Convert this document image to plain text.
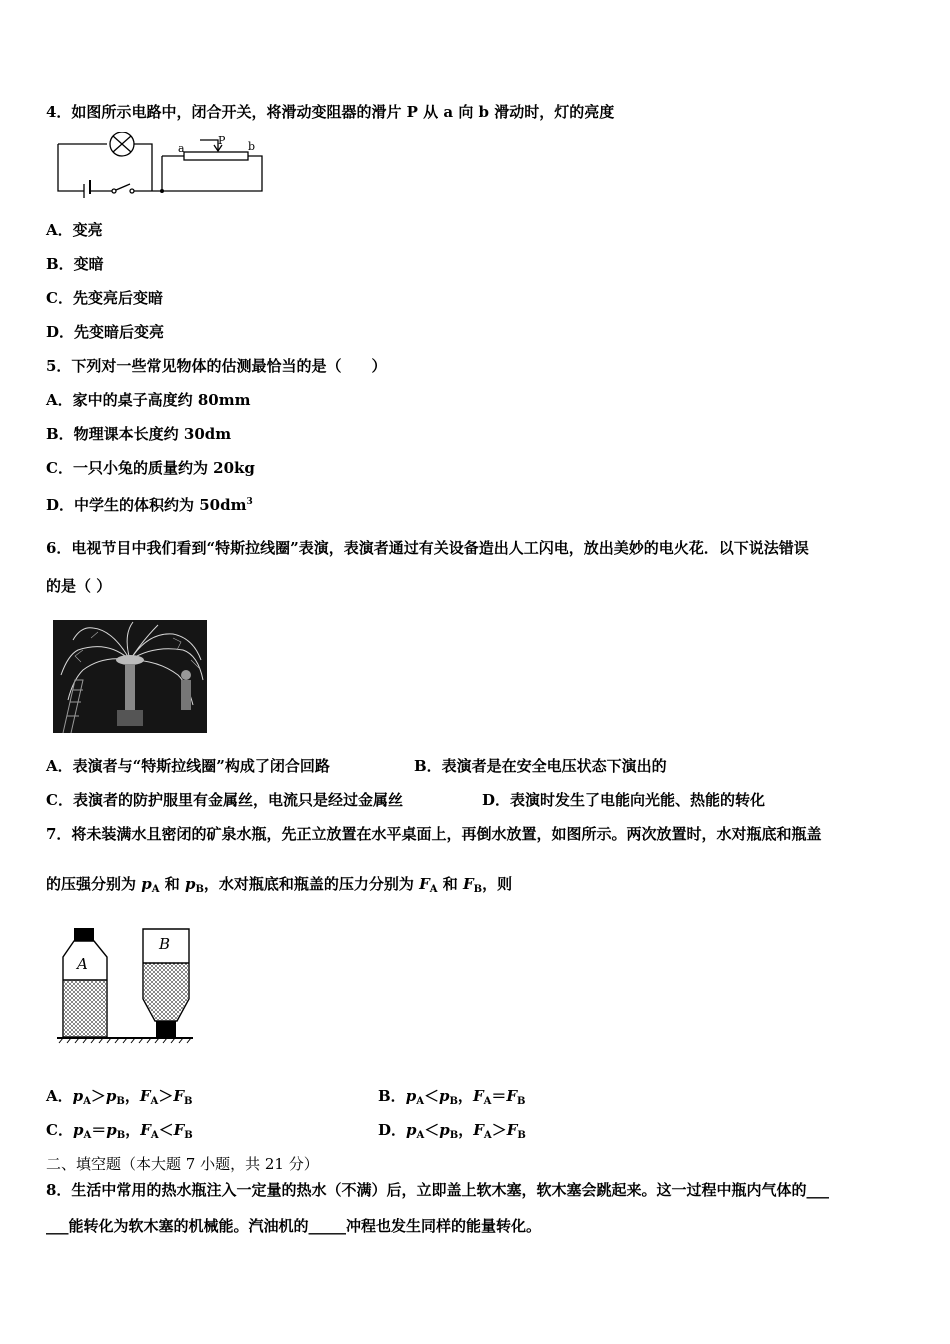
4．如图所示电路中，闭合开关，将滑动变阻器的滑片 P 从 a 向 b 滑动时，灯的亮度
a
P b
A．变亮
B．变暗
C．先变亮后变暗
D．先变暗后变亮
5．下列对一些常见物体的估测最恰当的是（　　）
A．家中的桌子高度约 80mm
B．物理课本长度约 30dm
C．一只小兔的质量约为 20kg
D．中学生的体积约为 $50dm^3$
6．电视节目中我们看到“特斯拉线圈”表演，表演者通过有关设备造出人工闪电，放出美妙的电火花．以下说法错误
的是（ ）
A．表演者与“特斯拉线圈”构成了闭合回路	B．表演者是在安全电压状态下演出的
C．表演者的防护服里有金属丝，电流只是经过金属丝	D．表演时发生了电能向光能、热能的转化
7．将未装满水且密闭的矿泉水瓶，先正立放置在水平桌面上，再倒水放置，如图所示。两次放置时，水对瓶底和瓶盖
的压强分别为 $p_A$ 和 $p_B$，水对瓶底和瓶盖的压力分别为 $F_A$ 和 $F_B$，则
A
B
A．$p_A>p_B$，$F_A>F_B$	B．$p_A<p_B$，$F_A=F_B$
C．$p_A=p_B$，$F_A<F_B$	D．$p_A<p_B$，$F_A>F_B$
二、填空题（本大题 7 小题，共 21 分）
8．生活中常用的热水瓶注入一定量的热水（不满）后，立即盖上软木塞，软木塞会跳起来。这一过程中瓶内气体的___
___能转化为软木塞的机械能。汽油机的_____冲程也发生同样的能量转化。
